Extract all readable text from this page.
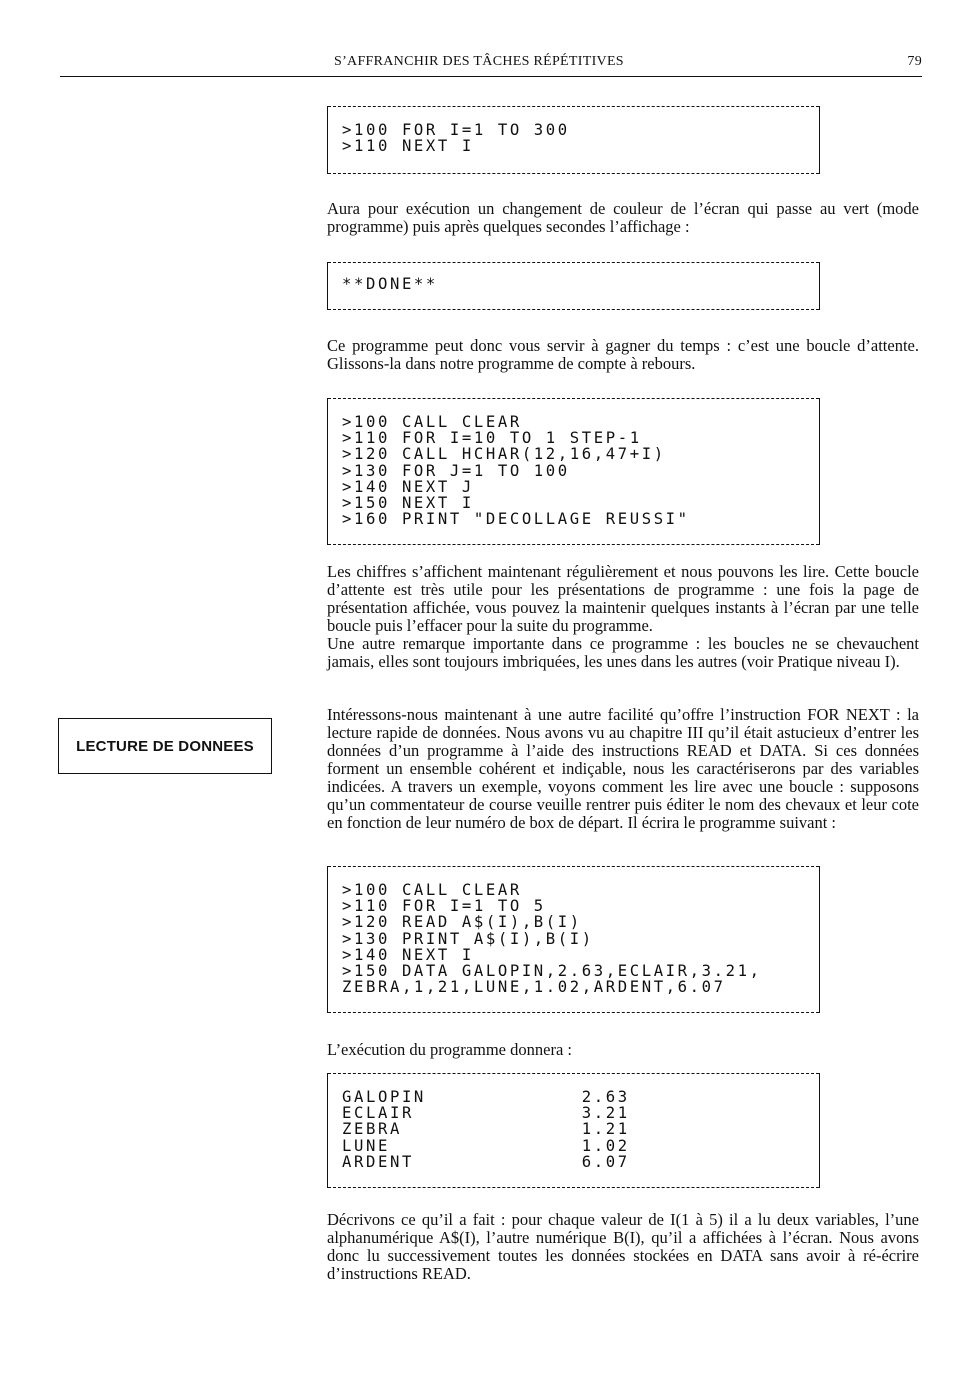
S’AFFRANCHIR DES TÂCHES RÉPÉTITIVES	79
>100 FOR I=1 TO 300
>110 NEXT I

Aura pour exécution un changement de couleur de l’écran qui passe au vert (mode programme) puis après quelques secondes l’affichage :

**DONE**

Ce programme peut donc vous servir à gagner du temps : c’est une boucle d’attente. Glissons-la dans notre programme de compte à rebours.

>100 CALL CLEAR
>110 FOR I=10 TO 1 STEP-1
>120 CALL HCHAR(12,16,47+I)
>130 FOR J=1 TO 100
>140 NEXT J
>150 NEXT I
>160 PRINT "DECOLLAGE REUSSI"

Les chiffres s’affichent maintenant régulièrement et nous pouvons les lire. Cette boucle d’attente est très utile pour les présentations de programme : une fois la page de présentation affichée, vous pouvez la maintenir quelques instants à l’écran par une telle boucle puis l’effacer pour la suite du programme.

Une autre remarque importante dans ce programme : les boucles ne se chevauchent jamais, elles sont toujours imbriquées, les unes dans les autres (voir Pratique niveau I).

LECTURE DE DONNEES

Intéressons-nous maintenant à une autre facilité qu’offre l’instruction FOR NEXT : la lecture rapide de données. Nous avons vu au chapitre III qu’il était astucieux d’entrer les données d’un programme à l’aide des instructions READ et DATA. Si ces données forment un ensemble cohérent et indiçable, nous les caractériserons par des variables indicées. A travers un exemple, voyons comment les lire avec une boucle : supposons qu’un commentateur de course veuille rentrer puis éditer le nom des chevaux et leur cote en fonction de leur numéro de box de départ. Il écrira le programme suivant :

>100 CALL CLEAR
>110 FOR I=1 TO 5
>120 READ A$(I),B(I)
>130 PRINT A$(I),B(I)
>140 NEXT I
>150 DATA GALOPIN,2.63,ECLAIR,3.21,
ZEBRA,1,21,LUNE,1.02,ARDENT,6.07

L’exécution du programme donnera :

GALOPIN             2.63
ECLAIR              3.21
ZEBRA               1.21
LUNE                1.02
ARDENT              6.07

Décrivons ce qu’il a fait : pour chaque valeur de I(1 à 5) il a lu deux variables, l’une alphanumérique A$(I), l’autre numérique B(I), qu’il a affichées à l’écran. Nous avons donc lu successivement toutes les données stockées en DATA sans avoir à ré-écrire d’instructions READ.
